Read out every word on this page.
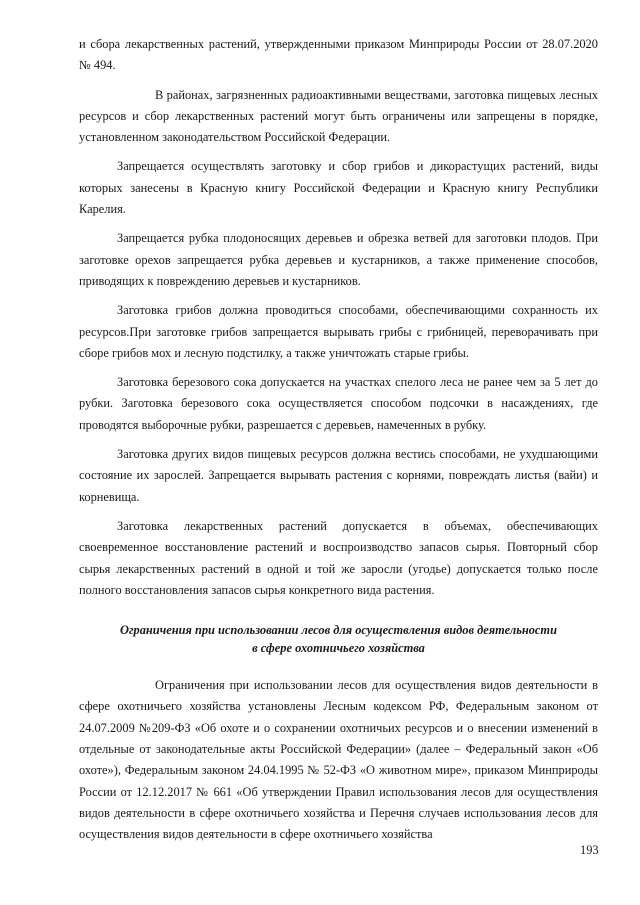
и сбора лекарственных растений, утвержденными приказом Минприроды России от 28.07.2020 № 494.

В районах, загрязненных радиоактивными веществами, заготовка пищевых лесных ресурсов и сбор лекарственных растений могут быть ограничены или запрещены в порядке, установленном законодательством Российской Федерации.

Запрещается осуществлять заготовку и сбор грибов и дикорастущих растений, виды которых занесены в Красную книгу Российской Федерации и Красную книгу Республики Карелия.

Запрещается рубка плодоносящих деревьев и обрезка ветвей для заготовки плодов. При заготовке орехов запрещается рубка деревьев и кустарников, а также применение способов, приводящих к повреждению деревьев и кустарников.

Заготовка грибов должна проводиться способами, обеспечивающими сохранность их ресурсов.При заготовке грибов запрещается вырывать грибы с грибницей, переворачивать при сборе грибов мох и лесную подстилку, а также уничтожать старые грибы.

Заготовка березового сока допускается на участках спелого леса не ранее чем за 5 лет до рубки. Заготовка березового сока осуществляется способом подсочки в насаждениях, где проводятся выборочные рубки, разрешается с деревьев, намеченных в рубку.

Заготовка других видов пищевых ресурсов должна вестись способами, не ухудшающими состояние их зарослей. Запрещается вырывать растения с корнями, повреждать листья (вайи) и корневища.

Заготовка лекарственных растений допускается в объемах, обеспечивающих своевременное восстановление растений и воспроизводство запасов сырья. Повторный сбор сырья лекарственных растений в одной и той же заросли (угодье) допускается только после полного восстановления запасов сырья конкретного вида растения.

Ограничения при использовании лесов для осуществления видов деятельности
в сфере охотничьего хозяйства

Ограничения при использовании лесов для осуществления видов деятельности в сфере охотничьего хозяйства установлены Лесным кодексом РФ, Федеральным законом от 24.07.2009 №209-ФЗ «Об охоте и о сохранении охотничьих ресурсов и о внесении изменений в отдельные от законодательные акты Российской Федерации» (далее – Федеральный закон «Об охоте»), Федеральным законом 24.04.1995 № 52-ФЗ «О животном мире», приказом Минприроды России от 12.12.2017 № 661 «Об утверждении Правил использования лесов для осуществления видов деятельности в сфере охотничьего хозяйства и Перечня случаев использования лесов для осуществления видов деятельности в сфере охотничьего хозяйства

193
